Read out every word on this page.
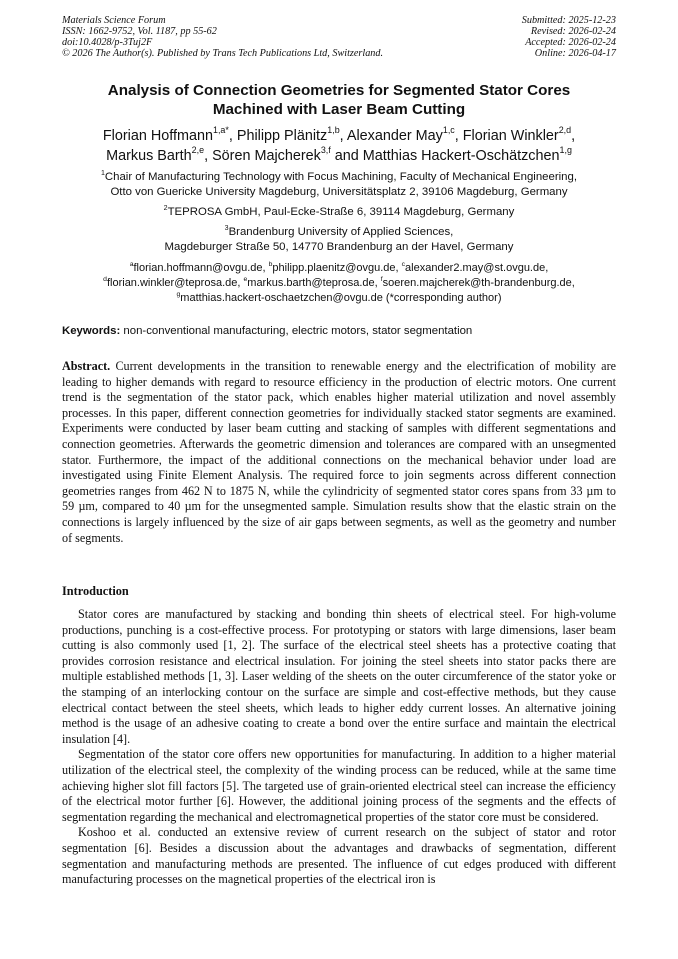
Materials Science Forum
ISSN: 1662-9752, Vol. 1187, pp 55-62
doi:10.4028/p-3Tuj2F
© 2026 The Author(s). Published by Trans Tech Publications Ltd, Switzerland.
Submitted: 2025-12-23
Revised: 2026-02-24
Accepted: 2026-02-24
Online: 2026-04-17
Analysis of Connection Geometries for Segmented Stator Cores
Machined with Laser Beam Cutting
Florian Hoffmann$^{1,a*}$, Philipp Plänitz$^{1,b}$, Alexander May$^{1,c}$, Florian Winkler$^{2,d}$,
Markus Barth$^{2,e}$, Sören Majcherek$^{3,f}$ and Matthias Hackert-Oschätzchen$^{1,g}$
$^1$Chair of Manufacturing Technology with Focus Machining, Faculty of Mechanical Engineering,
Otto von Guericke University Magdeburg, Universitätsplatz 2, 39106 Magdeburg, Germany
$^2$TEPROSA GmbH, Paul-Ecke-Straße 6, 39114 Magdeburg, Germany
$^3$Brandenburg University of Applied Sciences,
Magdeburger Straße 50, 14770 Brandenburg an der Havel, Germany
$^a$florian.hoffmann@ovgu.de, $^b$philipp.plaenitz@ovgu.de, $^c$alexander2.may@st.ovgu.de,
$^d$florian.winkler@teprosa.de, $^e$markus.barth@teprosa.de, $^f$soeren.majcherek@th-brandenburg.de,
$^g$matthias.hackert-oschaetzchen@ovgu.de (*corresponding author)
Keywords: non-conventional manufacturing, electric motors, stator segmentation
Abstract. Current developments in the transition to renewable energy and the electrification of mobility are leading to higher demands with regard to resource efficiency in the production of electric motors. One current trend is the segmentation of the stator pack, which enables higher material utilization and novel assembly processes. In this paper, different connection geometries for individually stacked stator segments are examined. Experiments were conducted by laser beam cutting and stacking of samples with different segmentations and connection geometries. Afterwards the geometric dimension and tolerances are compared with an unsegmented stator. Furthermore, the impact of the additional connections on the mechanical behavior under load are investigated using Finite Element Analysis. The required force to join segments across different connection geometries ranges from 462 N to 1875 N, while the cylindricity of segmented stator cores spans from 33 µm to 59 µm, compared to 40 µm for the unsegmented sample. Simulation results show that the elastic strain on the connections is largely influenced by the size of air gaps between segments, as well as the geometry and number of segments.
Introduction

Stator cores are manufactured by stacking and bonding thin sheets of electrical steel. For high-volume productions, punching is a cost-effective process. For prototyping or stators with large dimensions, laser beam cutting is also commonly used [1, 2]. The surface of the electrical steel sheets has a protective coating that provides corrosion resistance and electrical insulation. For joining the steel sheets into stator packs there are multiple established methods [1, 3]. Laser welding of the sheets on the outer circumference of the stator yoke or the stamping of an interlocking contour on the surface are simple and cost-effective methods, but they cause electrical contact between the steel sheets, which leads to higher eddy current losses. An alternative joining method is the usage of an adhesive coating to create a bond over the entire surface and maintain the electrical insulation [4].

Segmentation of the stator core offers new opportunities for manufacturing. In addition to a higher material utilization of the electrical steel, the complexity of the winding process can be reduced, while at the same time achieving higher slot fill factors [5]. The targeted use of grain-oriented electrical steel can increase the efficiency of the electrical motor further [6]. However, the additional joining process of the segments and the effects of segmentation regarding the mechanical and electromagnetical properties of the stator core must be considered.

Koshoo et al. conducted an extensive review of current research on the subject of stator and rotor segmentation [6]. Besides a discussion about the advantages and drawbacks of segmentation, different segmentation and manufacturing methods are presented. The influence of cut edges produced with different manufacturing processes on the magnetical properties of the electrical iron is
